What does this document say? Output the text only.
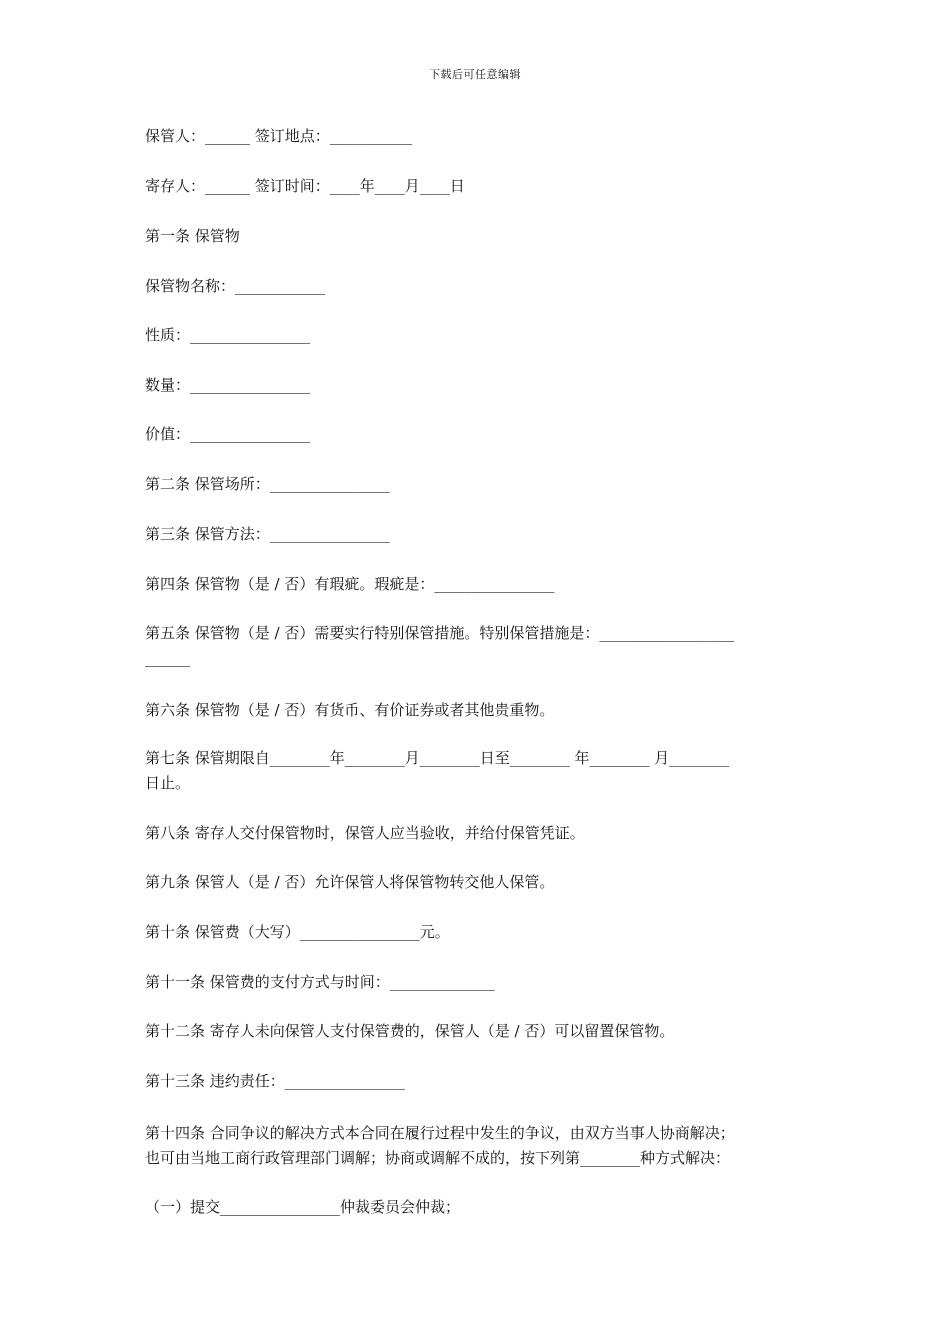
下载后可任意编辑
保管人：______ 签订地点：___________
寄存人：______ 签订时间：____年____月____日
第一条 保管物
保管物名称：____________
性质：________________
数量：________________
价值：________________
第二条 保管场所：________________
第三条 保管方法：________________
第四条 保管物（是 / 否）有瑕疵。瑕疵是：________________
第五条 保管物（是 / 否）需要实行特别保管措施。特别保管措施是：__________________
______
第六条 保管物（是 / 否）有货币、有价证券或者其他贵重物。
第七条 保管期限自________年________月________日至________ 年________ 月________
日止。
第八条 寄存人交付保管物时，保管人应当验收，并给付保管凭证。
第九条 保管人（是 / 否）允许保管人将保管物转交他人保管。
第十条 保管费（大写）________________元。
第十一条 保管费的支付方式与时间：______________
第十二条 寄存人未向保管人支付保管费的，保管人（是 / 否）可以留置保管物。
第十三条 违约责任：________________
第十四条 合同争议的解决方式本合同在履行过程中发生的争议，由双方当事人协商解决；
也可由当地工商行政管理部门调解；协商或调解不成的，按下列第________种方式解决：
（一）提交________________仲裁委员会仲裁；
